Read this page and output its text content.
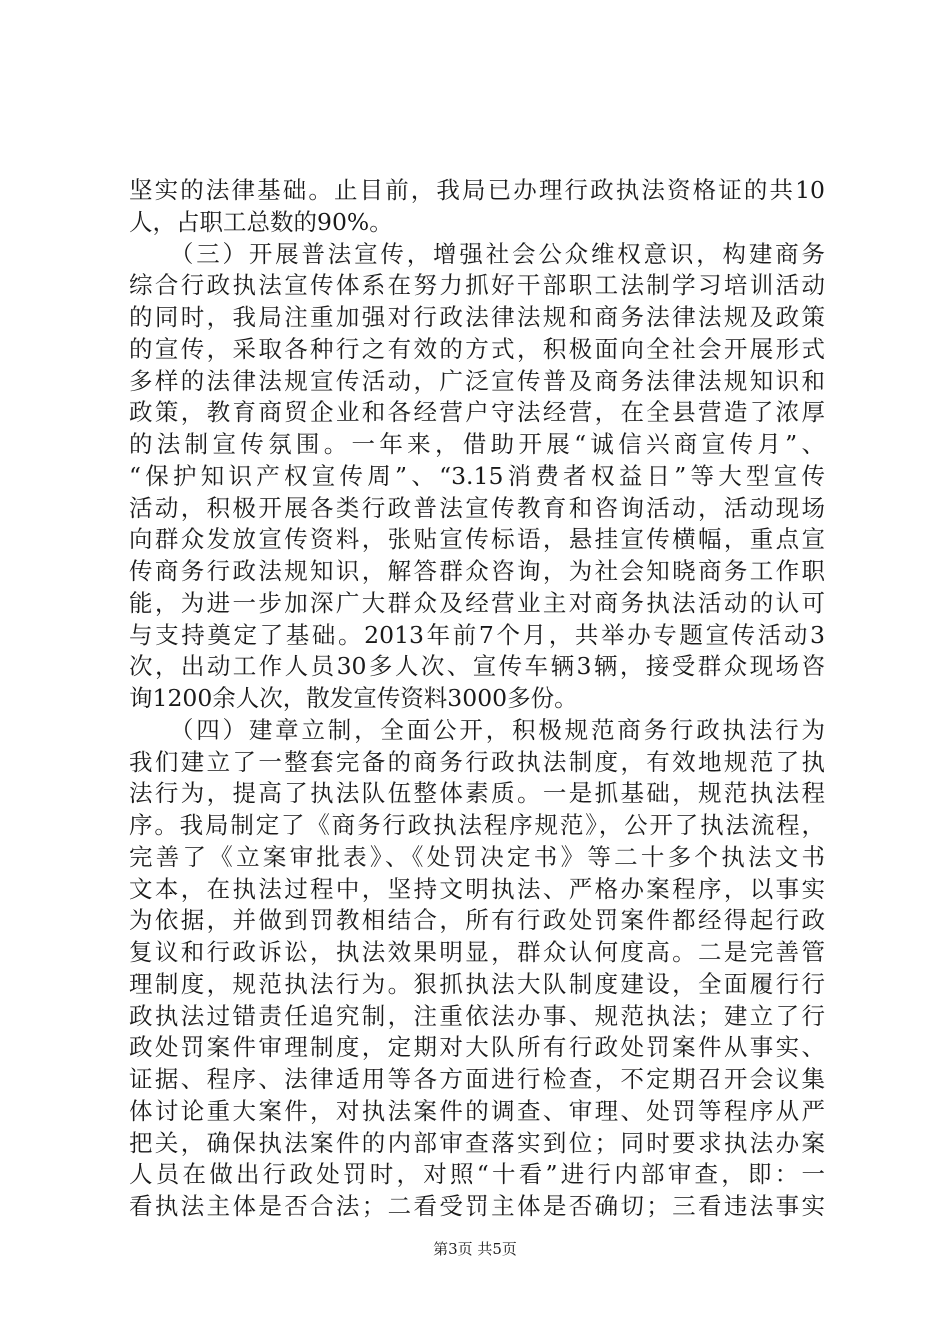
坚实的法律基础。止目前，我局已办理行政执法资格证的共10
人，占职工总数的90%。
　　（三）开展普法宣传，增强社会公众维权意识，构建商务
综合行政执法宣传体系在努力抓好干部职工法制学习培训活动
的同时，我局注重加强对行政法律法规和商务法律法规及政策
的宣传，采取各种行之有效的方式，积极面向全社会开展形式
多样的法律法规宣传活动，广泛宣传普及商务法律法规知识和
政策，教育商贸企业和各经营户守法经营，在全县营造了浓厚
的法制宣传氛围。一年来，借助开展“诚信兴商宣传月”、
“保护知识产权宣传周”、“3.15消费者权益日”等大型宣传
活动，积极开展各类行政普法宣传教育和咨询活动，活动现场
向群众发放宣传资料，张贴宣传标语，悬挂宣传横幅，重点宣
传商务行政法规知识，解答群众咨询，为社会知晓商务工作职
能，为进一步加深广大群众及经营业主对商务执法活动的认可
与支持奠定了基础。2013年前7个月，共举办专题宣传活动3
次，出动工作人员30多人次、宣传车辆3辆，接受群众现场咨
询1200余人次，散发宣传资料3000多份。
　　（四）建章立制，全面公开，积极规范商务行政执法行为
我们建立了一整套完备的商务行政执法制度，有效地规范了执
法行为，提高了执法队伍整体素质。一是抓基础，规范执法程
序。我局制定了《商务行政执法程序规范》，公开了执法流程，
完善了《立案审批表》、《处罚决定书》等二十多个执法文书
文本，在执法过程中，坚持文明执法、严格办案程序，以事实
为依据，并做到罚教相结合，所有行政处罚案件都经得起行政
复议和行政诉讼，执法效果明显，群众认何度高。二是完善管
理制度，规范执法行为。狠抓执法大队制度建设，全面履行行
政执法过错责任追究制，注重依法办事、规范执法；建立了行
政处罚案件审理制度，定期对大队所有行政处罚案件从事实、
证据、程序、法律适用等各方面进行检查，不定期召开会议集
体讨论重大案件，对执法案件的调查、审理、处罚等程序从严
把关，确保执法案件的内部审查落实到位；同时要求执法办案
人员在做出行政处罚时，对照“十看”进行内部审查，即：一
看执法主体是否合法；二看受罚主体是否确切；三看违法事实
第3页 共5页
